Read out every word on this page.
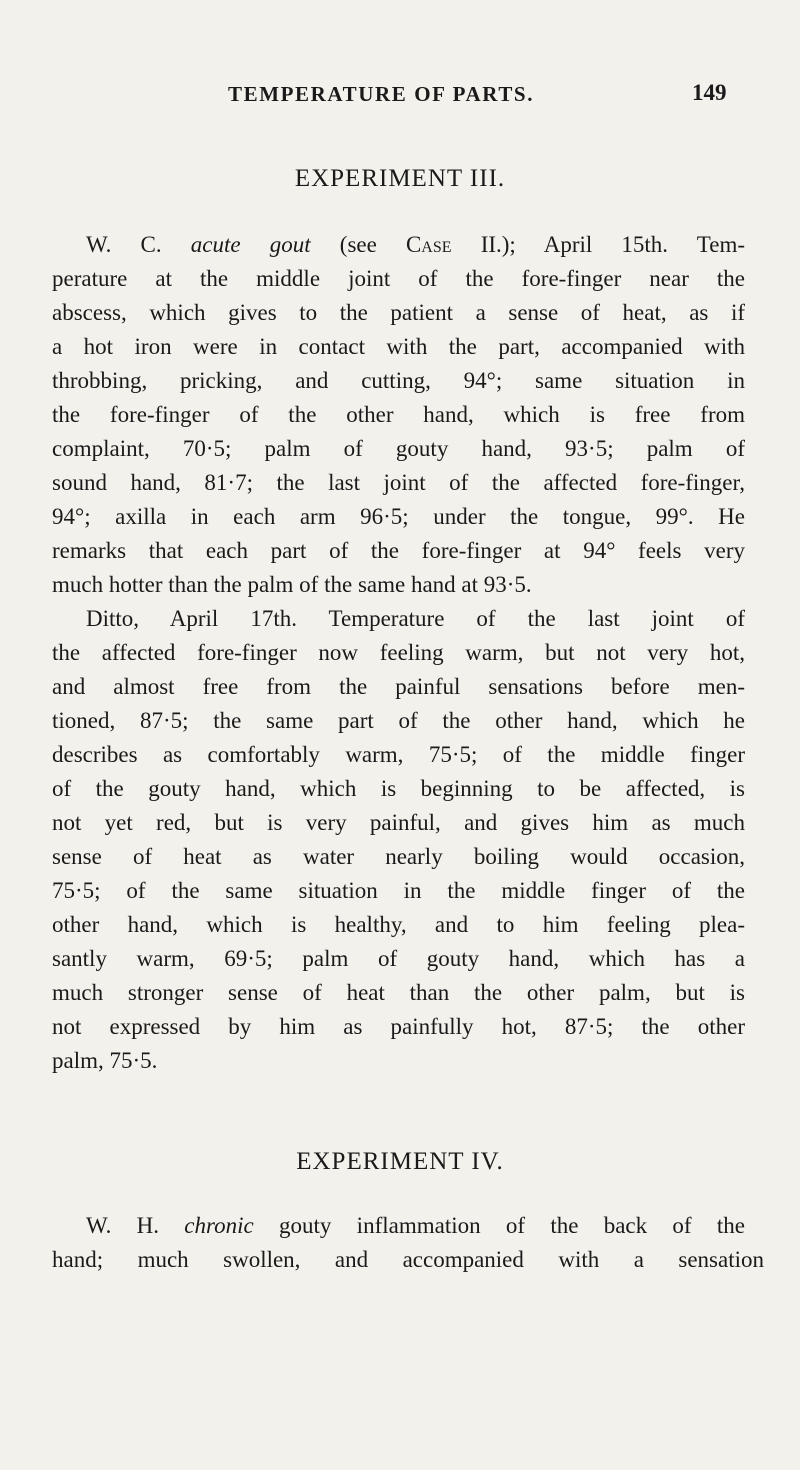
TEMPERATURE OF PARTS.	149
EXPERIMENT III.
W. C. acute gout (see Case II.); April 15th. Tem-
perature at the middle joint of the fore-finger near the
abscess, which gives to the patient a sense of heat, as if
a hot iron were in contact with the part, accompanied with
throbbing, pricking, and cutting, 94°; same situation in
the fore-finger of the other hand, which is free from
complaint, 70·5; palm of gouty hand, 93·5; palm of
sound hand, 81·7; the last joint of the affected fore-finger,
94°; axilla in each arm 96·5; under the tongue, 99°. He
remarks that each part of the fore-finger at 94° feels very
much hotter than the palm of the same hand at 93·5.
Ditto, April 17th. Temperature of the last joint of
the affected fore-finger now feeling warm, but not very hot,
and almost free from the painful sensations before men-
tioned, 87·5; the same part of the other hand, which he
describes as comfortably warm, 75·5; of the middle finger
of the gouty hand, which is beginning to be affected, is
not yet red, but is very painful, and gives him as much
sense of heat as water nearly boiling would occasion,
75·5; of the same situation in the middle finger of the
other hand, which is healthy, and to him feeling plea-
santly warm, 69·5; palm of gouty hand, which has a
much stronger sense of heat than the other palm, but is
not expressed by him as painfully hot, 87·5; the other
palm, 75·5.
EXPERIMENT IV.
W. H. chronic gouty inflammation of the back of the
hand; much swollen, and accompanied with a sensation
